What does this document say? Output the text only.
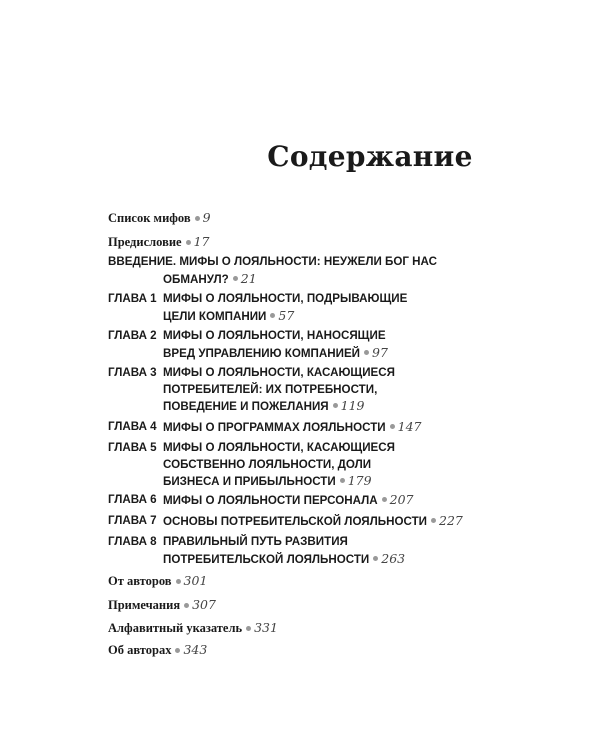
Содержание
Список мифов 9
Предисловие 17
ВВЕДЕНИЕ. МИФЫ О ЛОЯЛЬНОСТИ: НЕУЖЕЛИ БОГ НАС ОБМАНУЛ? 21
ГЛАВА 1 МИФЫ О ЛОЯЛЬНОСТИ, ПОДРЫВАЮЩИЕ ЦЕЛИ КОМПАНИИ 57
ГЛАВА 2 МИФЫ О ЛОЯЛЬНОСТИ, НАНОСЯЩИЕ ВРЕД УПРАВЛЕНИЮ КОМПАНИЕЙ 97
ГЛАВА 3 МИФЫ О ЛОЯЛЬНОСТИ, КАСАЮЩИЕСЯ ПОТРЕБИТЕЛЕЙ: ИХ ПОТРЕБНОСТИ, ПОВЕДЕНИЕ И ПОЖЕЛАНИЯ 119
ГЛАВА 4 МИФЫ О ПРОГРАММАХ ЛОЯЛЬНОСТИ 147
ГЛАВА 5 МИФЫ О ЛОЯЛЬНОСТИ, КАСАЮЩИЕСЯ СОБСТВЕННО ЛОЯЛЬНОСТИ, ДОЛИ БИЗНЕСА И ПРИБЫЛЬНОСТИ 179
ГЛАВА 6 МИФЫ О ЛОЯЛЬНОСТИ ПЕРСОНАЛА 207
ГЛАВА 7 ОСНОВЫ ПОТРЕБИТЕЛЬСКОЙ ЛОЯЛЬНОСТИ 227
ГЛАВА 8 ПРАВИЛЬНЫЙ ПУТЬ РАЗВИТИЯ ПОТРЕБИТЕЛЬСКОЙ ЛОЯЛЬНОСТИ 263
От авторов 301
Примечания 307
Алфавитный указатель 331
Об авторах 343
